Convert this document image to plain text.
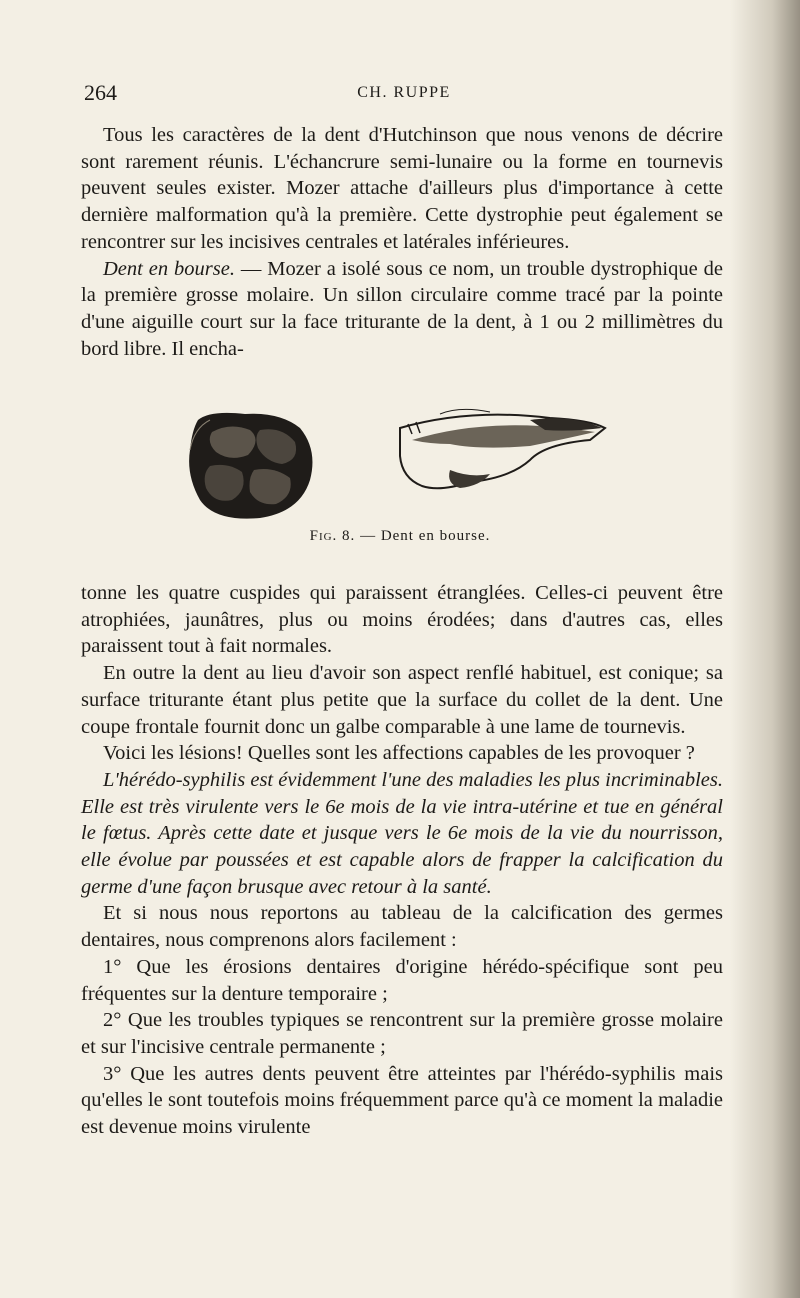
264	CH. RUPPE

Tous les caractères de la dent d'Hutchinson que nous venons de décrire sont rarement réunis. L'échancrure semi-lunaire ou la forme en tournevis peuvent seules exister. Mozer attache d'ailleurs plus d'importance à cette dernière malformation qu'à la première. Cette dystrophie peut également se rencontrer sur les incisives centrales et latérales inférieures.

Dent en bourse. — Mozer a isolé sous ce nom, un trouble dystrophique de la première grosse molaire. Un sillon circulaire comme tracé par la pointe d'une aiguille court sur la face triturante de la dent, à 1 ou 2 millimètres du bord libre. Il encha-

Fig. 8. — Dent en bourse.

tonne les quatre cuspides qui paraissent étranglées. Celles-ci peuvent être atrophiées, jaunâtres, plus ou moins érodées; dans d'autres cas, elles paraissent tout à fait normales.

En outre la dent au lieu d'avoir son aspect renflé habituel, est conique; sa surface triturante étant plus petite que la surface du collet de la dent. Une coupe frontale fournit donc un galbe comparable à une lame de tournevis.

Voici les lésions! Quelles sont les affections capables de les provoquer ?

L'hérédo-syphilis est évidemment l'une des maladies les plus incriminables. Elle est très virulente vers le 6e mois de la vie intra-utérine et tue en général le fœtus. Après cette date et jusque vers le 6e mois de la vie du nourrisson, elle évolue par poussées et est capable alors de frapper la calcification du germe d'une façon brusque avec retour à la santé.

Et si nous nous reportons au tableau de la calcification des germes dentaires, nous comprenons alors facilement :

1° Que les érosions dentaires d'origine hérédo-spécifique sont peu fréquentes sur la denture temporaire ;

2° Que les troubles typiques se rencontrent sur la première grosse molaire et sur l'incisive centrale permanente ;

3° Que les autres dents peuvent être atteintes par l'hérédo-syphilis mais qu'elles le sont toutefois moins fréquemment parce qu'à ce moment la maladie est devenue moins virulente
